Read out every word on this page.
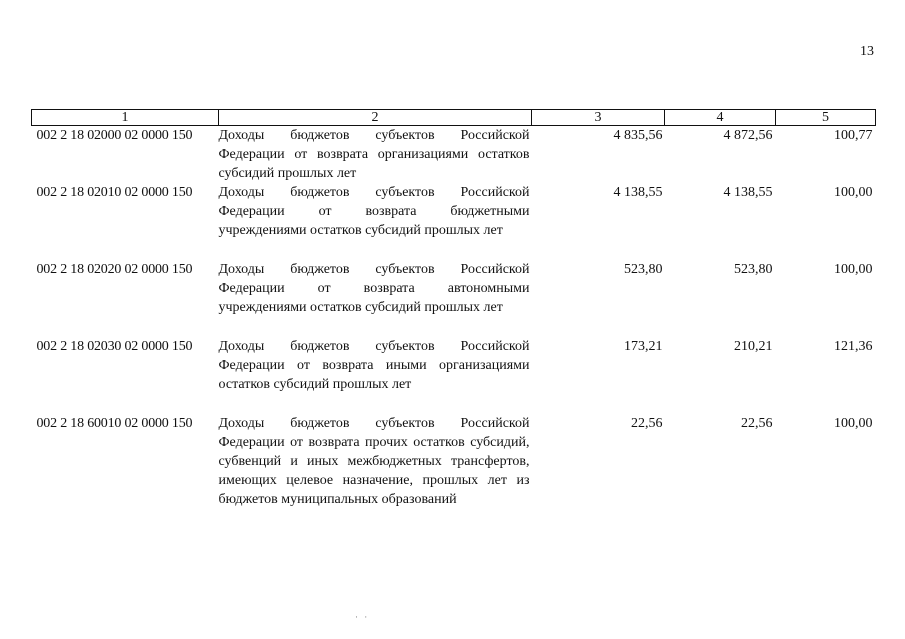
13
1	2	3	4	5
002 2 18 02000 02 0000 150	Доходы бюджетов субъектов Российской Федерации от возврата организациями остатков субсидий прошлых лет	4 835,56	4 872,56	100,77
002 2 18 02010 02 0000 150	Доходы бюджетов субъектов Российской Федерации от возврата бюджетными учреждениями остатков субсидий прошлых лет	4 138,55	4 138,55	100,00
002 2 18 02020 02 0000 150	Доходы бюджетов субъектов Российской Федерации от возврата автономными учреждениями остатков субсидий прошлых лет	523,80	523,80	100,00
002 2 18 02030 02 0000 150	Доходы бюджетов субъектов Российской Федерации от возврата иными организациями остатков субсидий прошлых лет	173,21	210,21	121,36
002 2 18 60010 02 0000 150	Доходы бюджетов субъектов Российской Федерации от возврата прочих остатков субсидий, субвенций и иных межбюджетных трансфертов, имеющих целевое назначение, прошлых лет из бюджетов муниципальных образований	22,56	22,56	100,00
· ·
